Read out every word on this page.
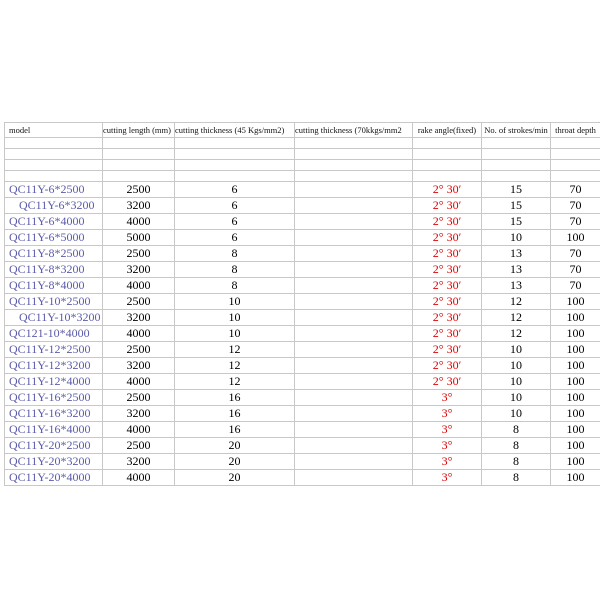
model	cutting length (mm)	cutting thickness (45 Kgs/mm2)	cutting thickness (70kkgs/mm2	rake angle(fixed)	No. of strokes/min	throat depth

QC11Y-6*2500	2500	6		2° 30′	15	70
QC11Y-6*3200	3200	6		2° 30′	15	70
QC11Y-6*4000	4000	6		2° 30′	15	70
QC11Y-6*5000	5000	6		2° 30′	10	100
QC11Y-8*2500	2500	8		2° 30′	13	70
QC11Y-8*3200	3200	8		2° 30′	13	70
QC11Y-8*4000	4000	8		2° 30′	13	70
QC11Y-10*2500	2500	10		2° 30′	12	100
QC11Y-10*3200	3200	10		2° 30′	12	100
QC121-10*4000	4000	10		2° 30′	12	100
QC11Y-12*2500	2500	12		2° 30′	10	100
QC11Y-12*3200	3200	12		2° 30′	10	100
QC11Y-12*4000	4000	12		2° 30′	10	100
QC11Y-16*2500	2500	16		3°	10	100
QC11Y-16*3200	3200	16		3°	10	100
QC11Y-16*4000	4000	16		3°	8	100
QC11Y-20*2500	2500	20		3°	8	100
QC11Y-20*3200	3200	20		3°	8	100
QC11Y-20*4000	4000	20		3°	8	100
